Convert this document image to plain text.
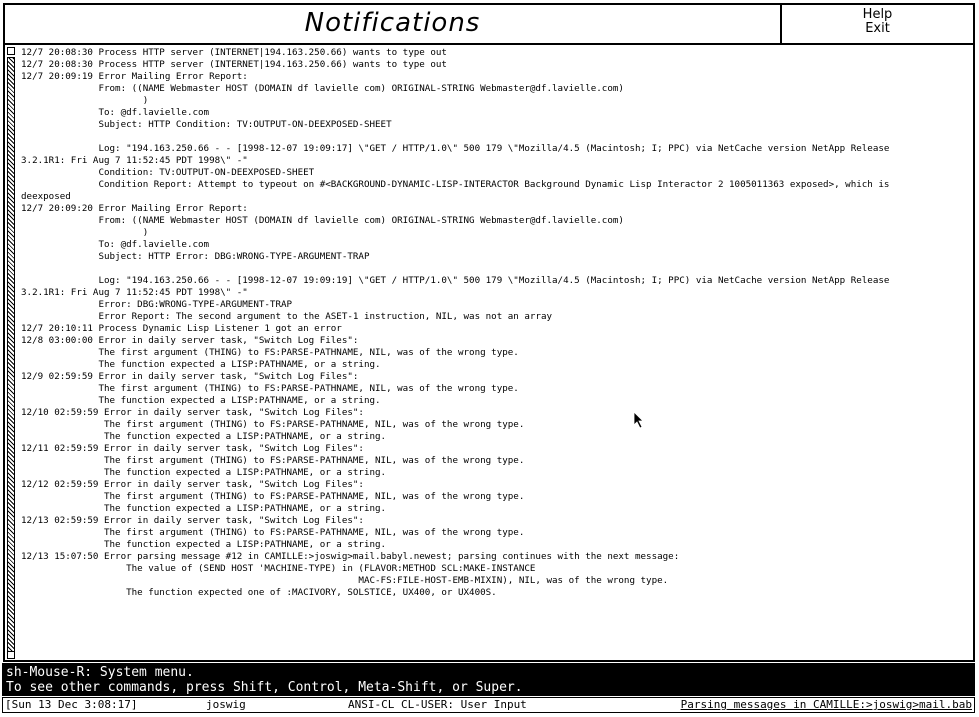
Notifications	Help
Exit
12/7 20:08:30 Process HTTP server (INTERNET|194.163.250.66) wants to type out
12/7 20:08:30 Process HTTP server (INTERNET|194.163.250.66) wants to type out
12/7 20:09:19 Error Mailing Error Report:
From: ((NAME Webmaster HOST (DOMAIN df lavielle com) ORIGINAL-STRING Webmaster@df.lavielle.com)
)
To: @df.lavielle.com
Subject: HTTP Condition: TV:OUTPUT-ON-DEEXPOSED-SHEET
Log: "194.163.250.66 - - [1998-12-07 19:09:17] \"GET / HTTP/1.0\" 500 179 \"Mozilla/4.5 (Macintosh; I; PPC) via NetCache version NetApp Release
3.2.1R1: Fri Aug 7 11:52:45 PDT 1998\" -"
Condition: TV:OUTPUT-ON-DEEXPOSED-SHEET
Condition Report: Attempt to typeout on #<BACKGROUND-DYNAMIC-LISP-INTERACTOR Background Dynamic Lisp Interactor 2 1005011363 exposed>, which is
deexposed
12/7 20:09:20 Error Mailing Error Report:
From: ((NAME Webmaster HOST (DOMAIN df lavielle com) ORIGINAL-STRING Webmaster@df.lavielle.com)
)
To: @df.lavielle.com
Subject: HTTP Error: DBG:WRONG-TYPE-ARGUMENT-TRAP
Log: "194.163.250.66 - - [1998-12-07 19:09:19] \"GET / HTTP/1.0\" 500 179 \"Mozilla/4.5 (Macintosh; I; PPC) via NetCache version NetApp Release
3.2.1R1: Fri Aug 7 11:52:45 PDT 1998\" -"
Error: DBG:WRONG-TYPE-ARGUMENT-TRAP
Error Report: The second argument to the ASET-1 instruction, NIL, was not an array
12/7 20:10:11 Process Dynamic Lisp Listener 1 got an error
12/8 03:00:00 Error in daily server task, "Switch Log Files":
The first argument (THING) to FS:PARSE-PATHNAME, NIL, was of the wrong type.
The function expected a LISP:PATHNAME, or a string.
12/9 02:59:59 Error in daily server task, "Switch Log Files":
The first argument (THING) to FS:PARSE-PATHNAME, NIL, was of the wrong type.
The function expected a LISP:PATHNAME, or a string.
12/10 02:59:59 Error in daily server task, "Switch Log Files":
The first argument (THING) to FS:PARSE-PATHNAME, NIL, was of the wrong type.
The function expected a LISP:PATHNAME, or a string.
12/11 02:59:59 Error in daily server task, "Switch Log Files":
The first argument (THING) to FS:PARSE-PATHNAME, NIL, was of the wrong type.
The function expected a LISP:PATHNAME, or a string.
12/12 02:59:59 Error in daily server task, "Switch Log Files":
The first argument (THING) to FS:PARSE-PATHNAME, NIL, was of the wrong type.
The function expected a LISP:PATHNAME, or a string.
12/13 02:59:59 Error in daily server task, "Switch Log Files":
The first argument (THING) to FS:PARSE-PATHNAME, NIL, was of the wrong type.
The function expected a LISP:PATHNAME, or a string.
12/13 15:07:50 Error parsing message #12 in CAMILLE:>joswig>mail.babyl.newest; parsing continues with the next message:
The value of (SEND HOST 'MACHINE-TYPE) in (FLAVOR:METHOD SCL:MAKE-INSTANCE
MAC-FS:FILE-HOST-EMB-MIXIN), NIL, was of the wrong type.
The function expected one of :MACIVORY, SOLSTICE, UX400, or UX400S.
sh-Mouse-R: System menu.
To see other commands, press Shift, Control, Meta-Shift, or Super.
[Sun 13 Dec 3:08:17]	joswig	ANSI-CL CL-USER: User Input	Parsing messages in CAMILLE:>joswig>mail.bab
